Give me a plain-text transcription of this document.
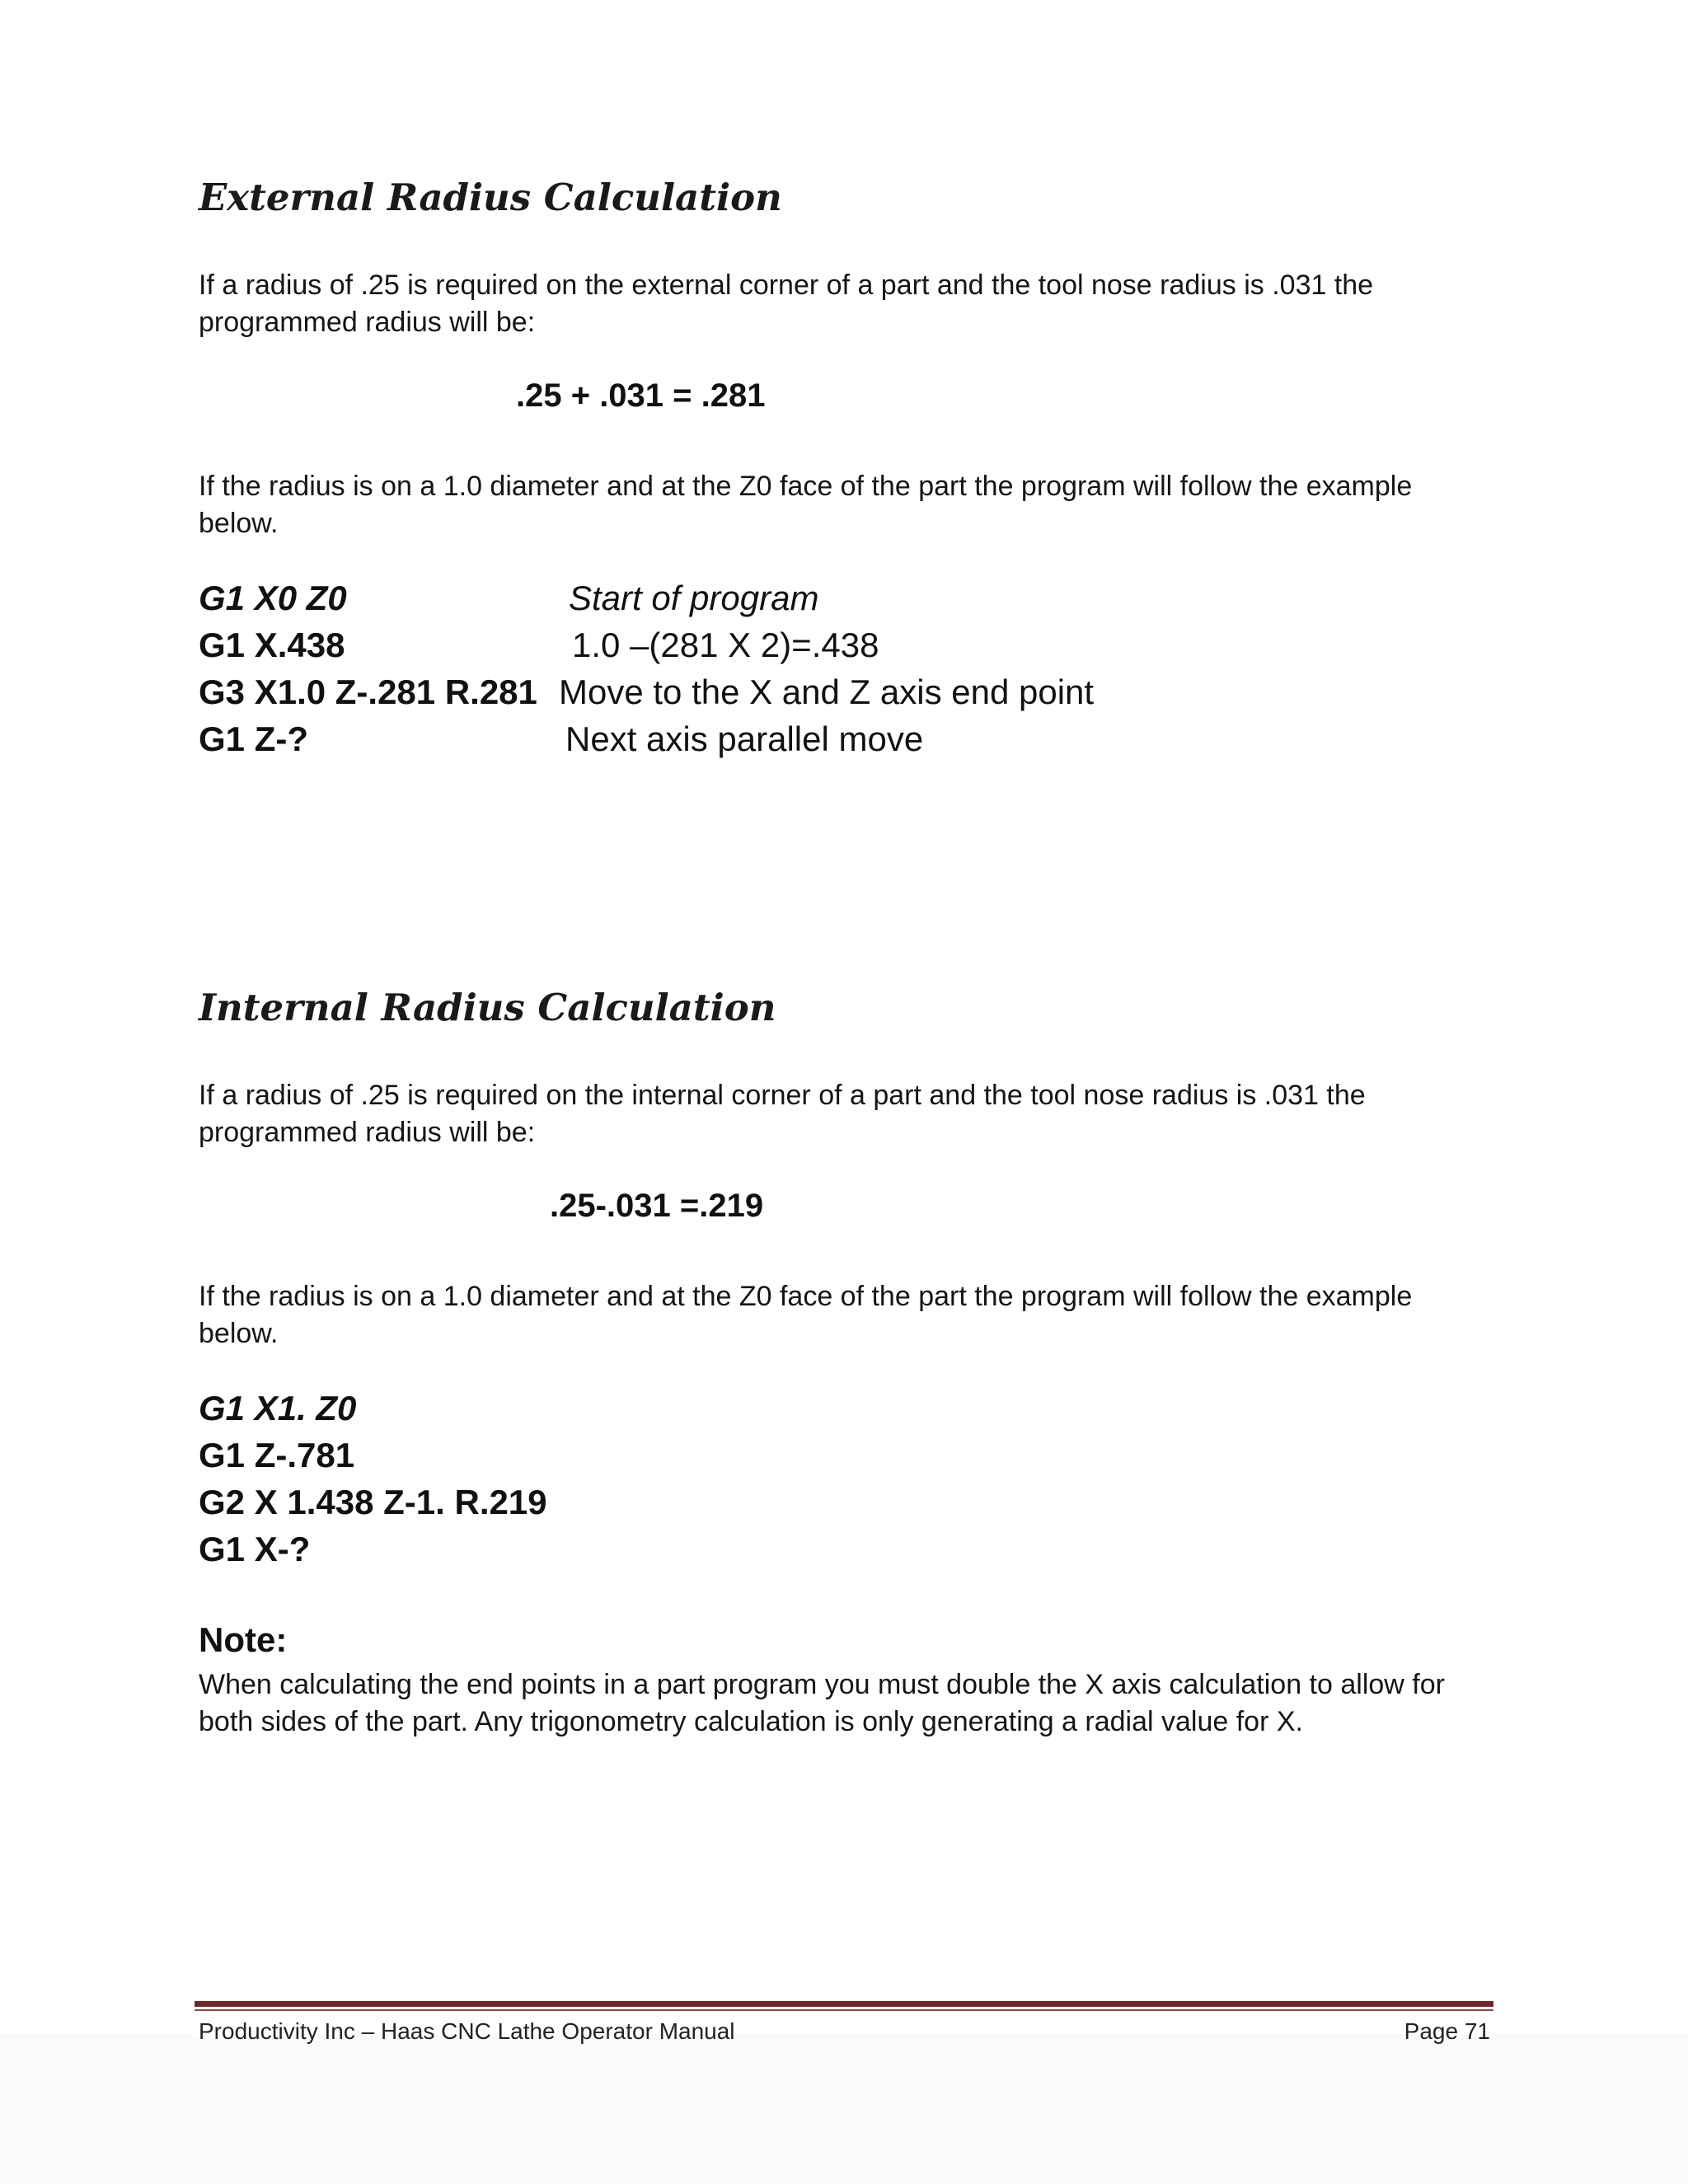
External Radius Calculation
If a radius of .25 is required on the external corner of a part and the tool nose radius is .031 the
programmed radius will be:
.25 + .031 = .281
If the radius is on a 1.0 diameter and at the Z0 face of the part the program will follow the example
below.
G1 X0 Z0	Start of program
G1 X.438	1.0 –(281 X 2)=.438
G3 X1.0 Z-.281 R.281 Move to the X and Z axis end point
G1 Z-?	Next axis parallel move
Internal Radius Calculation
If a radius of .25 is required on the internal corner of a part and the tool nose radius is .031 the
programmed radius will be:
.25-.031 =.219
If the radius is on a 1.0 diameter and at the Z0 face of the part the program will follow the example
below.
G1 X1. Z0
G1 Z-.781
G2 X 1.438 Z-1. R.219
G1 X-?
Note:
When calculating the end points in a part program you must double the X axis calculation to allow for
both sides of the part. Any trigonometry calculation is only generating a radial value for X.
Productivity Inc – Haas CNC Lathe Operator Manual	Page 71
